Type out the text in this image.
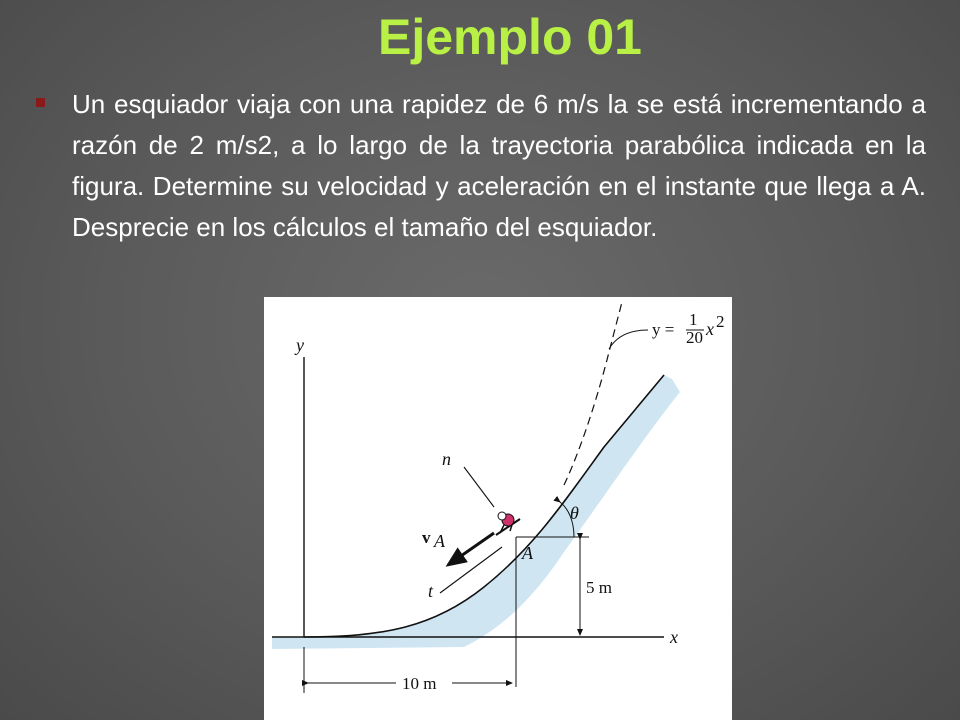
Ejemplo 01
Un esquiador viaja con una rapidez de 6 m/s la se está incrementando a razón de 2 m/s2, a lo largo de la trayectoria parabólica indicada en la figura. Determine su velocidad y aceleración en el instante que llega a A. Desprecie en los cálculos el tamaño del esquiador.
y =
1
20 x 2
y
x
5 m
10 m
A
θ
n
t
v A
